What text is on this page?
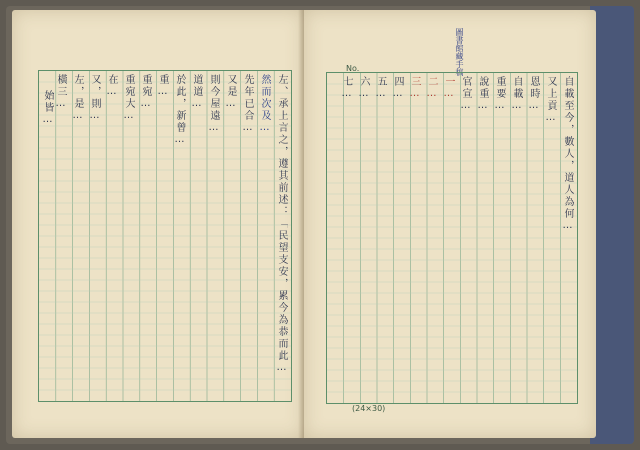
左、承上言之，遵其前述：「民望支安，累今為恭而此…
然而次及…
先年已合…
又是…
則今屋遠…
道道…
於此，新曾…
重…
重宛…
重宛大…
在…
又，則…
左，是…
橫三…
始皆…
No.	圖書館藏手稿
自載至今，數人，道人為何…
又上貢…
恩時…
自載…
重要…
說重…
官宣…
一…
二…
三…
四…
五…
六…
七…
(24×30)
